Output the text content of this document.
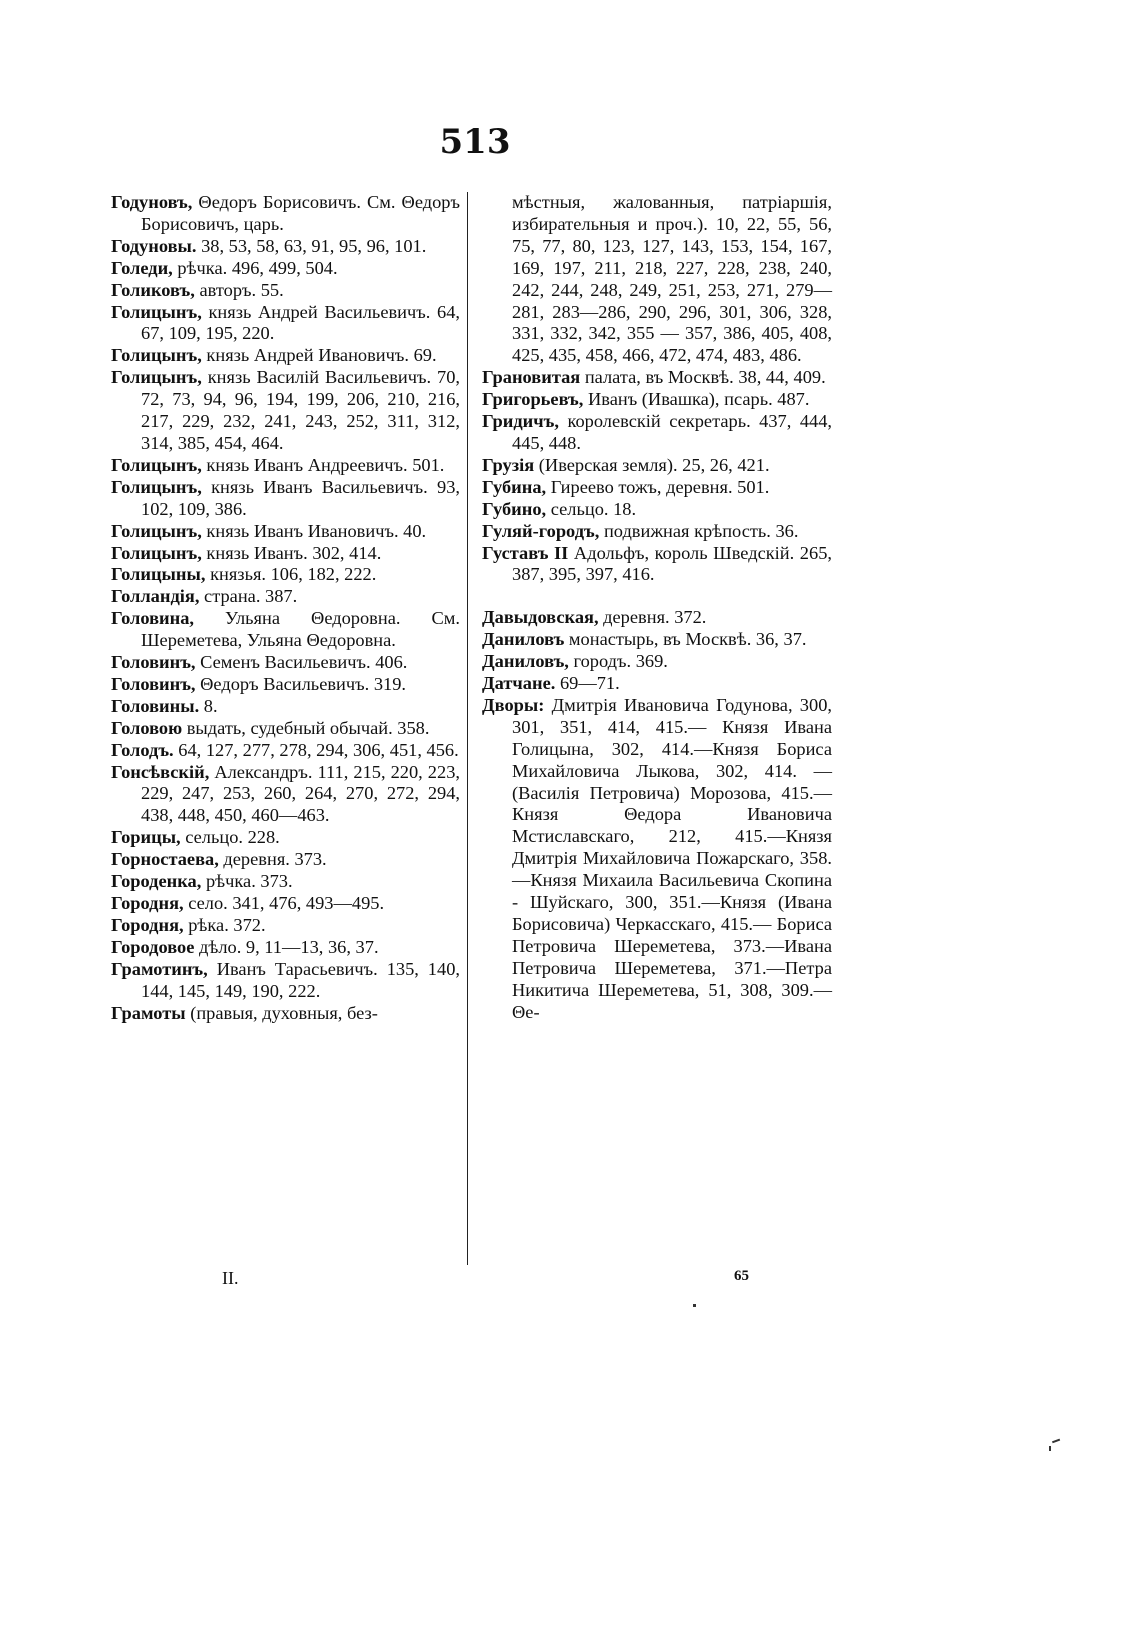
513

Годуновъ, Θедоръ Борисовичъ. См. Θедоръ Борисовичъ, царь.

Годуновы. 38, 53, 58, 63, 91, 95, 96, 101.

Голеди, рѣчка. 496, 499, 504.

Голиковъ, авторъ. 55.

Голицынъ, князь Андрей Васильевичъ. 64, 67, 109, 195, 220.

Голицынъ, князь Андрей Ивановичъ. 69.

Голицынъ, князь Василій Васильевичъ. 70, 72, 73, 94, 96, 194, 199, 206, 210, 216, 217, 229, 232, 241, 243, 252, 311, 312, 314, 385, 454, 464.

Голицынъ, князь Иванъ Андреевичъ. 501.

Голицынъ, князь Иванъ Васильевичъ. 93, 102, 109, 386.

Голицынъ, князь Иванъ Ивановичъ. 40.

Голицынъ, князь Иванъ. 302, 414.

Голицыны, князья. 106, 182, 222.

Голландія, страна. 387.

Головина, Ульяна Θедоровна. См. Шереметева, Ульяна Θедоровна.

Головинъ, Семенъ Васильевичъ. 406.

Головинъ, Θедоръ Васильевичъ. 319.

Головины. 8.

Головою выдать, судебный обычай. 358.

Голодъ. 64, 127, 277, 278, 294, 306, 451, 456.

Гонсѣвскій, Александръ. 111, 215, 220, 223, 229, 247, 253, 260, 264, 270, 272, 294, 438, 448, 450, 460—463.

Горицы, сельцо. 228.

Горностаева, деревня. 373.

Городенка, рѣчка. 373.

Городня, село. 341, 476, 493—495.

Городня, рѣка. 372.

Городовое дѣло. 9, 11—13, 36, 37.

Грамотинъ, Иванъ Тарасьевичъ. 135, 140, 144, 145, 149, 190, 222.

Грамоты (правыя, духовныя, без-

мѣстныя, жалованныя, патріаршія, избирательныя и проч.). 10, 22, 55, 56, 75, 77, 80, 123, 127, 143, 153, 154, 167, 169, 197, 211, 218, 227, 228, 238, 240, 242, 244, 248, 249, 251, 253, 271, 279—281, 283—286, 290, 296, 301, 306, 328, 331, 332, 342, 355 — 357, 386, 405, 408, 425, 435, 458, 466, 472, 474, 483, 486.

Грановитая палата, въ Москвѣ. 38, 44, 409.

Григорьевъ, Иванъ (Ивашка), псарь. 487.

Гридичъ, королевскій секретарь. 437, 444, 445, 448.

Грузія (Иверская земля). 25, 26, 421.

Губина, Гиреево тожъ, деревня. 501.

Губино, сельцо. 18.

Гуляй-городъ, подвижная крѣпость. 36.

Густавъ II Адольфъ, король Шведскій. 265, 387, 395, 397, 416.

Давыдовская, деревня. 372.

Даниловъ монастырь, въ Москвѣ. 36, 37.

Даниловъ, городъ. 369.

Датчане. 69—71.

Дворы: Дмитрія Ивановича Годунова, 300, 301, 351, 414, 415.— Князя Ивана Голицына, 302, 414.—Князя Бориса Михайловича Лыкова, 302, 414. — (Василія Петровича) Морозова, 415.—Князя Θедора Ивановича Мстиславскаго, 212, 415.—Князя Дмитрія Михайловича Пожарскаго, 358.—Князя Михаила Васильевича Скопина - Шуйскаго, 300, 351.—Князя (Ивана Борисовича) Черкасскаго, 415.— Бориса Петровича Шереметева, 373.—Ивана Петровича Шереметева, 371.—Петра Никитича Шереметева, 51, 308, 309.—Θе-

II.	65
